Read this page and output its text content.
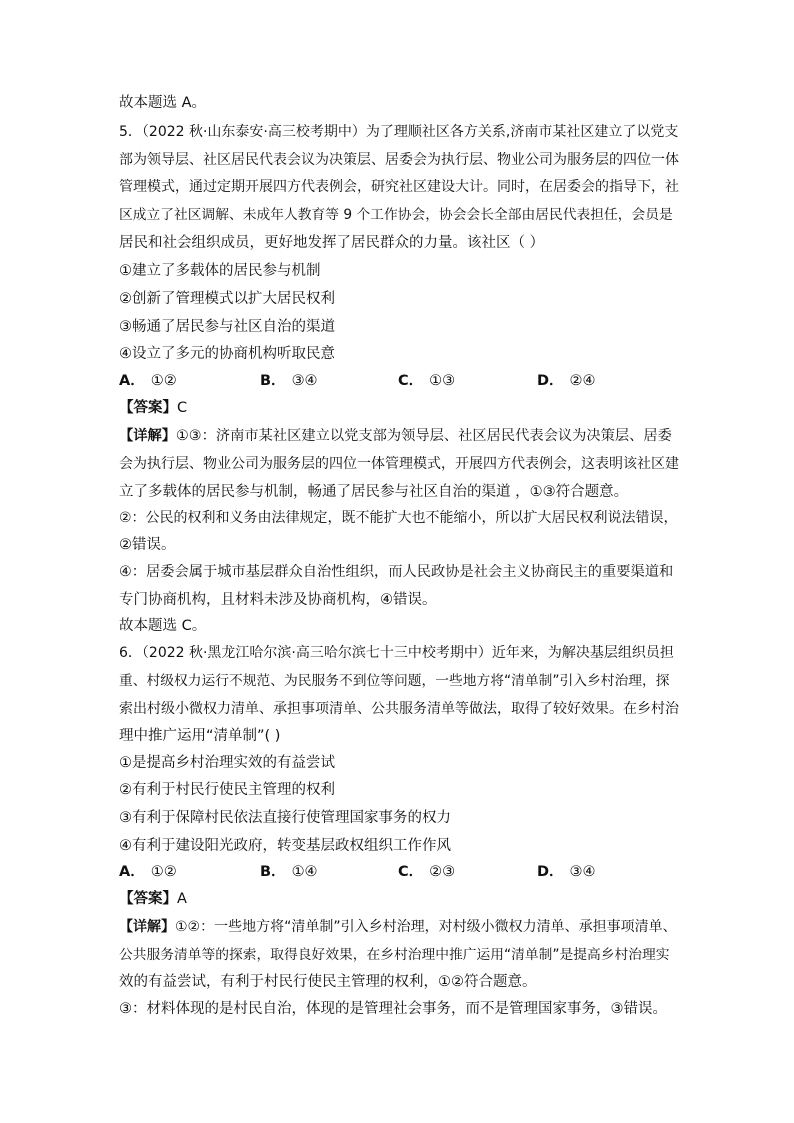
故本题选 A。
5．（2022 秋·山东泰安·高三校考期中）为了理顺社区各方关系,济南市某社区建立了以党支
部为领导层、社区居民代表会议为决策层、居委会为执行层、物业公司为服务层的四位一体
管理模式，通过定期开展四方代表例会，研究社区建设大计。同时，在居委会的指导下，社
区成立了社区调解、未成年人教育等 9 个工作协会，协会会长全部由居民代表担任，会员是
居民和社会组织成员，更好地发挥了居民群众的力量。该社区（ ）
①建立了多载体的居民参与机制
②创新了管理模式以扩大居民权利
③畅通了居民参与社区自治的渠道
④设立了多元的协商机构听取民意
A． ①②	B． ③④	C． ①③	D． ②④
【答案】C
【详解】①③：济南市某社区建立以党支部为领导层、社区居民代表会议为决策层、居委
会为执行层、物业公司为服务层的四位一体管理模式，开展四方代表例会，这表明该社区建
立了多载体的居民参与机制，畅通了居民参与社区自治的渠道 ，①③符合题意。
②：公民的权利和义务由法律规定，既不能扩大也不能缩小，所以扩大居民权利说法错误，
②错误。
④：居委会属于城市基层群众自治性组织，而人民政协是社会主义协商民主的重要渠道和
专门协商机构，且材料未涉及协商机构，④错误。
故本题选 C。
6．（2022 秋·黑龙江哈尔滨·高三哈尔滨七十三中校考期中）近年来，为解决基层组织员担
重、村级权力运行不规范、为民服务不到位等问题，一些地方将“清单制”引入乡村治理，探
索出村级小微权力清单、承担事项清单、公共服务清单等做法，取得了较好效果。在乡村治
理中推广运用“清单制”( )
①是提高乡村治理实效的有益尝试
②有利于村民行使民主管理的权利
③有利于保障村民依法直接行使管理国家事务的权力
④有利于建设阳光政府，转变基层政权组织工作作风
A． ①②	B． ①④	C． ②③	D． ③④
【答案】A
【详解】①②：一些地方将“清单制”引入乡村治理，对村级小微权力清单、承担事项清单、
公共服务清单等的探索，取得良好效果，在乡村治理中推广运用“清单制”是提高乡村治理实
效的有益尝试，有利于村民行使民主管理的权利，①②符合题意。
③：材料体现的是村民自治，体现的是管理社会事务，而不是管理国家事务，③错误。
